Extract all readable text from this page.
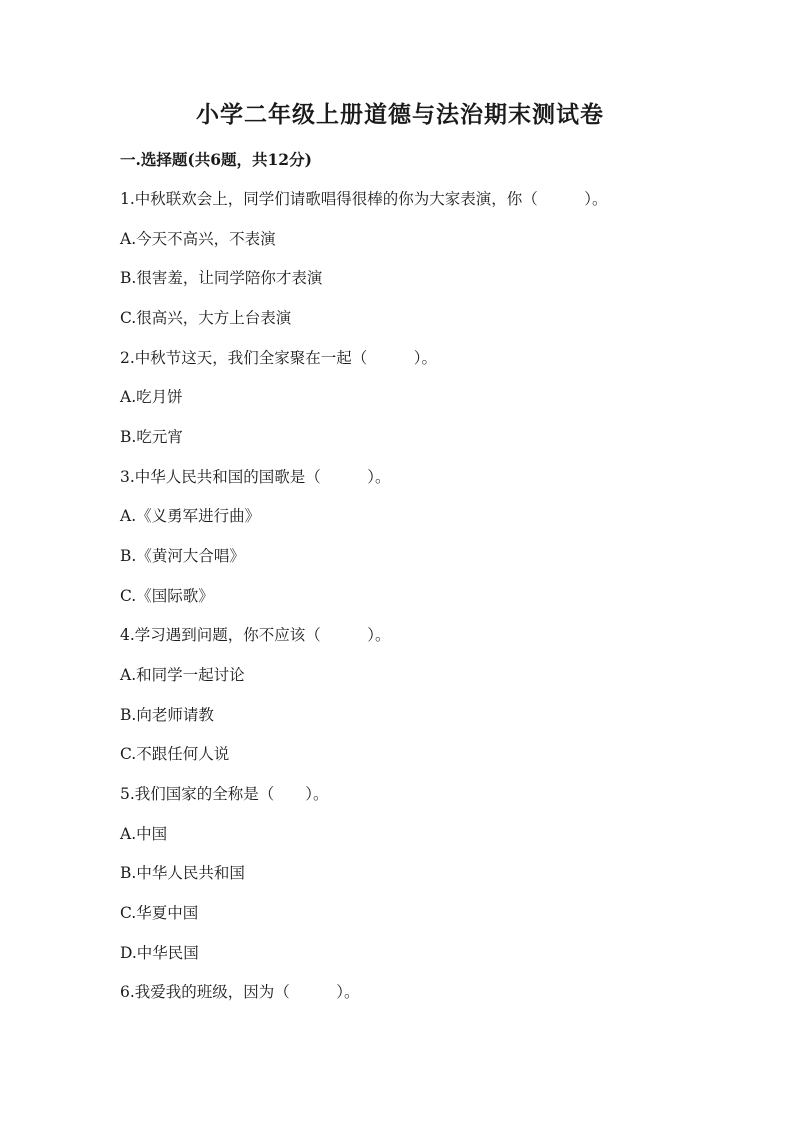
小学二年级上册道德与法治期末测试卷
一.选择题(共6题，共12分)
1.中秋联欢会上，同学们请歌唱得很棒的你为大家表演，你（　　　）。
A.今天不高兴，不表演
B.很害羞，让同学陪你才表演
C.很高兴，大方上台表演
2.中秋节这天，我们全家聚在一起（　　　）。
A.吃月饼
B.吃元宵
3.中华人民共和国的国歌是（　　　）。
A.《义勇军进行曲》
B.《黄河大合唱》
C.《国际歌》
4.学习遇到问题，你不应该（　　　）。
A.和同学一起讨论
B.向老师请教
C.不跟任何人说
5.我们国家的全称是（　　）。
A.中国
B.中华人民共和国
C.华夏中国
D.中华民国
6.我爱我的班级，因为（　　　）。
